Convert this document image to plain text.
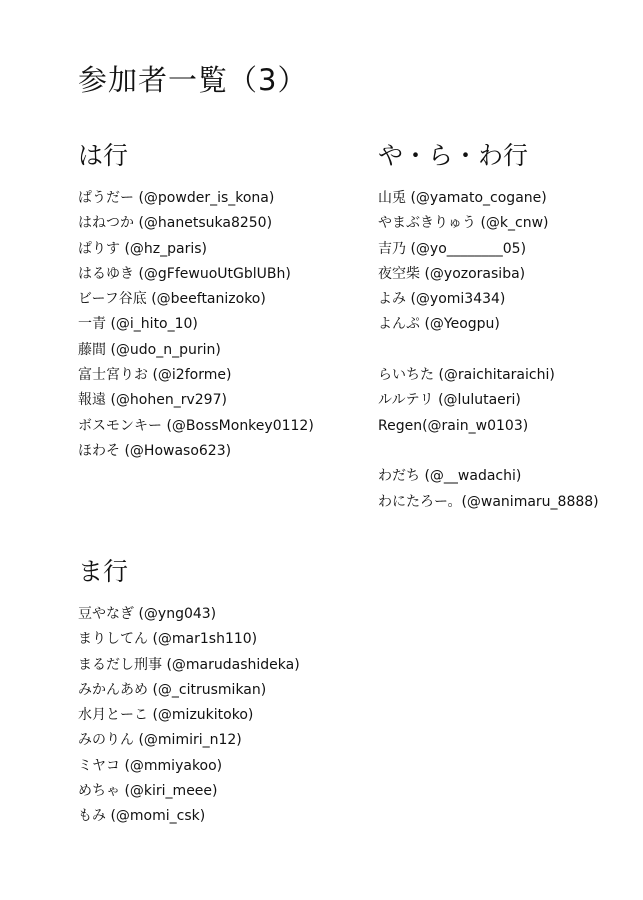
参加者一覧（3）
は行
ぱうだー (@powder_is_kona)
はねつか (@hanetsuka8250)
ぱりす (@hz_paris)
はるゆき (@gFfewuoUtGblUBh)
ビーフ谷底 (@beeftanizoko)
一青 (@i_hito_10)
藤間 (@udo_n_purin)
富士宮りお (@i2forme)
報遠 (@hohen_rv297)
ボスモンキー (@BossMonkey0112)
ほわそ (@Howaso623)
や・ら・わ行
山兎 (@yamato_cogane)
やまぶきりゅう (@k_cnw)
吉乃 (@yo________05)
夜空柴 (@yozorasiba)
よみ (@yomi3434)
よんぷ (@Yeogpu)
らいちた (@raichitaraichi)
ルルテリ (@lulutaeri)
Regen(@rain_w0103)
わだち (@__wadachi)
わにたろー。(@wanimaru_8888)
ま行
豆やなぎ (@yng043)
まりしてん (@mar1sh110)
まるだし刑事 (@marudashideka)
みかんあめ (@_citrusmikan)
水月とーこ (@mizukitoko)
みのりん (@mimiri_n12)
ミヤコ (@mmiyakoo)
めちゃ (@kiri_meee)
もみ (@momi_csk)
